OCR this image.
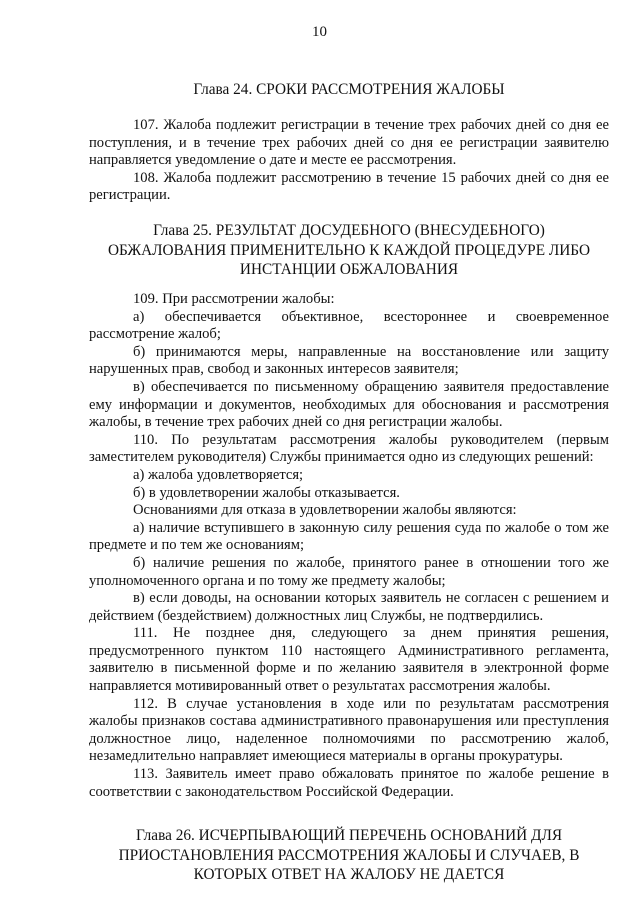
10

Глава 24. СРОКИ РАССМОТРЕНИЯ ЖАЛОБЫ

107. Жалоба подлежит регистрации в течение трех рабочих дней со дня ее поступления, и в течение трех рабочих дней со дня ее регистрации заявителю направляется уведомление о дате и месте ее рассмотрения.

108. Жалоба подлежит рассмотрению в течение 15 рабочих дней со дня ее регистрации.

Глава 25. РЕЗУЛЬТАТ ДОСУДЕБНОГО (ВНЕСУДЕБНОГО)

ОБЖАЛОВАНИЯ ПРИМЕНИТЕЛЬНО К КАЖДОЙ ПРОЦЕДУРЕ ЛИБО

ИНСТАНЦИИ ОБЖАЛОВАНИЯ

109. При рассмотрении жалобы:

а) обеспечивается объективное, всестороннее и своевременное рассмотрение жалоб;

б) принимаются меры, направленные на восстановление или защиту нарушенных прав, свобод и законных интересов заявителя;

в) обеспечивается по письменному обращению заявителя предоставление ему информации и документов, необходимых для обоснования и рассмотрения жалобы, в течение трех рабочих дней со дня регистрации жалобы.

110. По результатам рассмотрения жалобы руководителем (первым заместителем руководителя) Службы принимается одно из следующих решений:

а) жалоба удовлетворяется;

б) в удовлетворении жалобы отказывается.

Основаниями для отказа в удовлетворении жалобы являются:

а) наличие вступившего в законную силу решения суда по жалобе о том же предмете и по тем же основаниям;

б) наличие решения по жалобе, принятого ранее в отношении того же уполномоченного органа и по тому же предмету жалобы;

в) если доводы, на основании которых заявитель не согласен с решением и действием (бездействием) должностных лиц Службы, не подтвердились.

111. Не позднее дня, следующего за днем принятия решения, предусмотренного пунктом 110 настоящего Административного регламента, заявителю в письменной форме и по желанию заявителя в электронной форме направляется мотивированный ответ о результатах рассмотрения жалобы.

112. В случае установления в ходе или по результатам рассмотрения жалобы признаков состава административного правонарушения или преступления должностное лицо, наделенное полномочиями по рассмотрению жалоб, незамедлительно направляет имеющиеся материалы в органы прокуратуры.

113. Заявитель имеет право обжаловать принятое по жалобе решение в соответствии с законодательством Российской Федерации.

Глава 26. ИСЧЕРПЫВАЮЩИЙ ПЕРЕЧЕНЬ ОСНОВАНИЙ ДЛЯ

ПРИОСТАНОВЛЕНИЯ РАССМОТРЕНИЯ ЖАЛОБЫ И СЛУЧАЕВ, В

КОТОРЫХ ОТВЕТ НА ЖАЛОБУ НЕ ДАЕТСЯ
